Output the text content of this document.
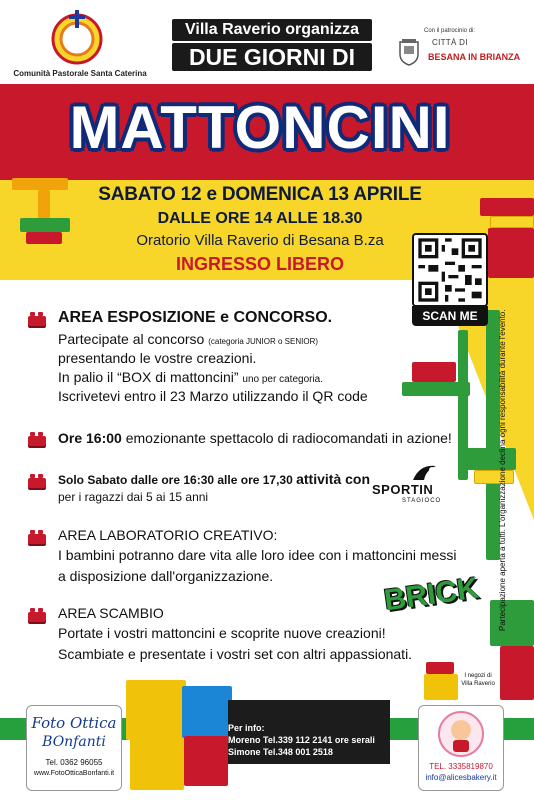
Comunità Pastorale Santa Caterina
Villa Raverio organizza
DUE GIORNI DI
Con il patrocinio di:
CITTÀ DI
BESANA IN BRIANZA
MATTONCINI
SABATO 12 e DOMENICA 13 APRILE
DALLE ORE 14 ALLE 18.30
Oratorio Villa Raverio di Besana B.za
INGRESSO LIBERO
SCAN ME
AREA ESPOSIZIONE e CONCORSO.
Partecipate al concorso (categoria JUNIOR o SENIOR)
presentando le vostre creazioni.
In palio il “BOX di mattoncini” uno per categoria.
Iscrivetevi entro il 23 Marzo utilizzando il QR code
Ore 16:00 emozionante spettacolo di radiocomandati in azione!
Solo Sabato dalle ore 16:30 alle ore 17,30 attività con
per i ragazzi dai 5 ai 15 anni	SPORTIN
STAGIOCO
AREA LABORATORIO CREATIVO:
I bambini potranno dare vita alle loro idee con i mattoncini messi
a disposizione dall'organizzazione.
AREA SCAMBIO
Portate i vostri mattoncini e scoprite nuove creazioni!
Scambiate e presentate i vostri set con altri appassionati.
BRICK Partecipazione aperta a tutti. L'organizzazione declina ogni responsabilità durante l'evento.
Per info:
Moreno Tel.339 112 2141 ore serali
Simone Tel.348 001 2518
Foto Ottica
BOnfanti
Tel. 0362 96055
www.FotoOtticaBonfanti.it
TEL. 3335819870
info@alicesbakery.it
I negozi di Villa Raverio
